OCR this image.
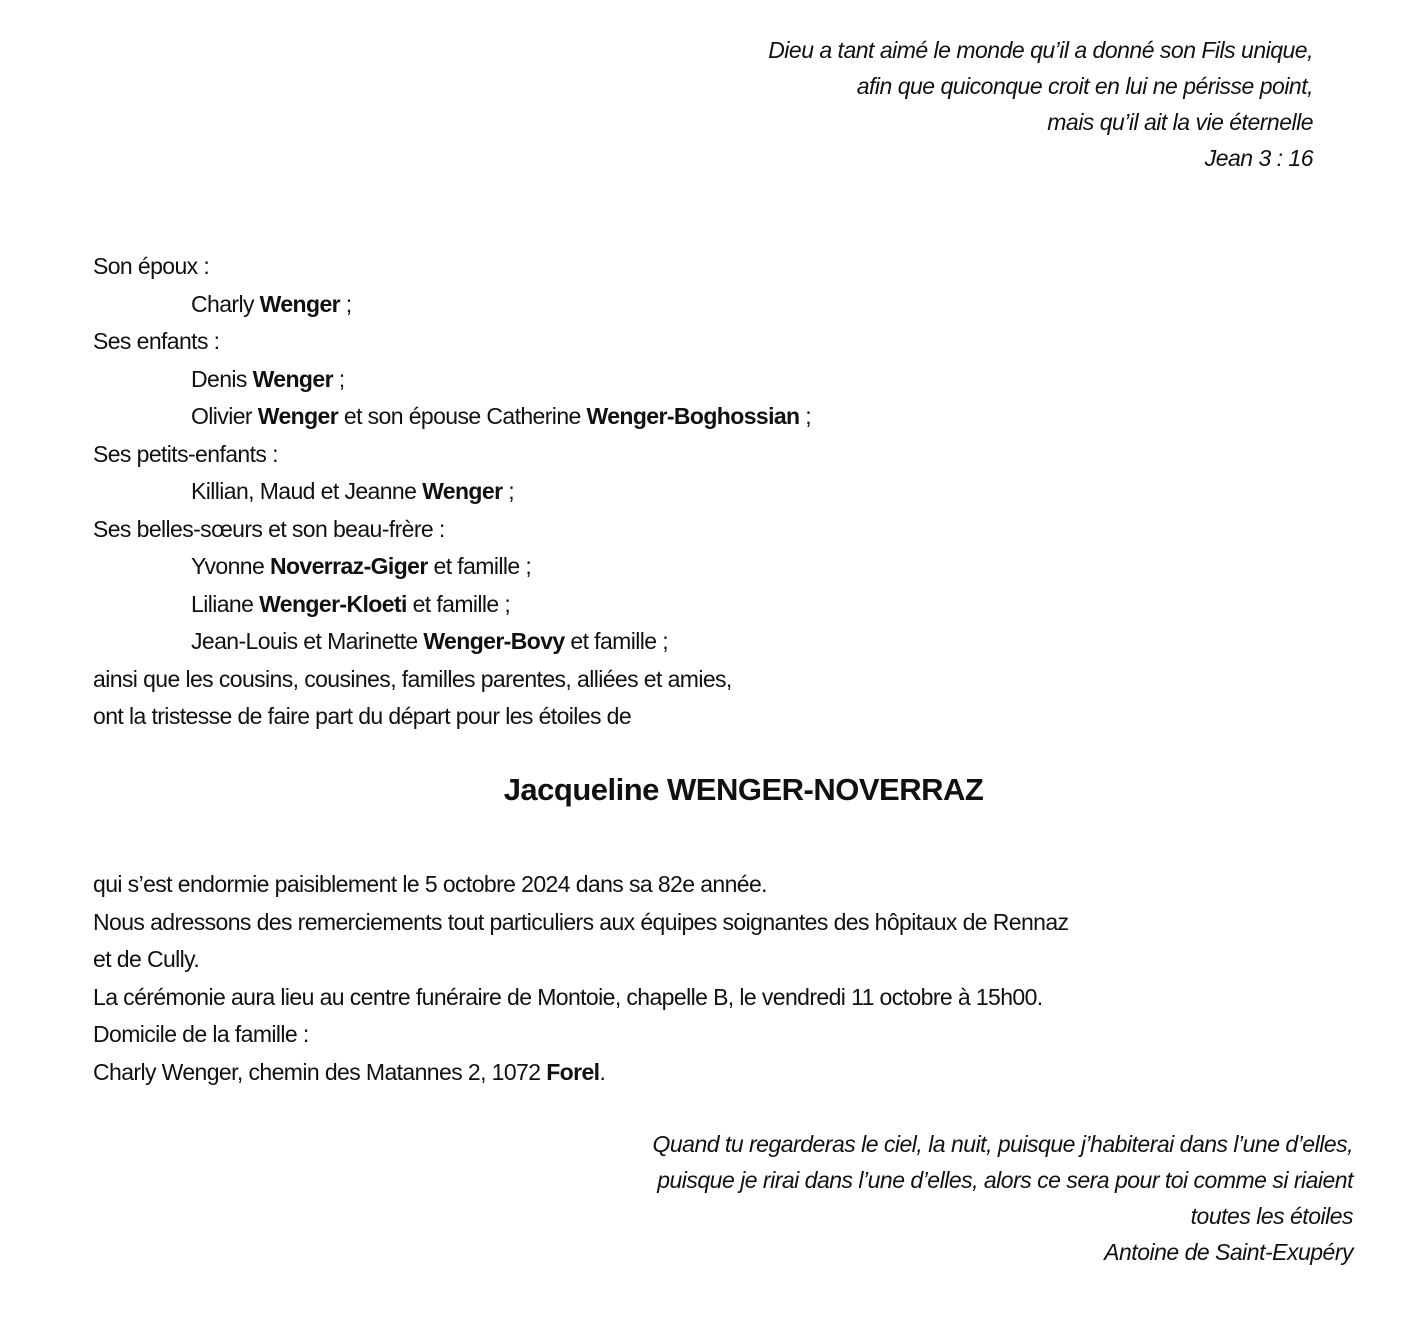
Dieu a tant aimé le monde qu’il a donné son Fils unique,
afin que quiconque croit en lui ne périsse point,
mais qu’il ait la vie éternelle
Jean 3 : 16
Son époux :
Charly Wenger ;
Ses enfants :
Denis Wenger ;
Olivier Wenger et son épouse Catherine Wenger-Boghossian ;
Ses petits-enfants :
Killian, Maud et Jeanne Wenger ;
Ses belles-sœurs et son beau-frère :
Yvonne Noverraz-Giger et famille ;
Liliane Wenger-Kloeti et famille ;
Jean-Louis et Marinette Wenger-Bovy et famille ;
ainsi que les cousins, cousines, familles parentes, alliées et amies,
ont la tristesse de faire part du départ pour les étoiles de
Jacqueline WENGER-NOVERRAZ
qui s’est endormie paisiblement le 5 octobre 2024 dans sa 82e année.
Nous adressons des remerciements tout particuliers aux équipes soignantes des hôpitaux de Rennaz
et de Cully.
La cérémonie aura lieu au centre funéraire de Montoie, chapelle B, le vendredi 11 octobre à 15h00.
Domicile de la famille :
Charly Wenger, chemin des Matannes 2, 1072 Forel.
Quand tu regarderas le ciel, la nuit, puisque j’habiterai dans l’une d’elles,
puisque je rirai dans l’une d’elles, alors ce sera pour toi comme si riaient
toutes les étoiles
Antoine de Saint-Exupéry
